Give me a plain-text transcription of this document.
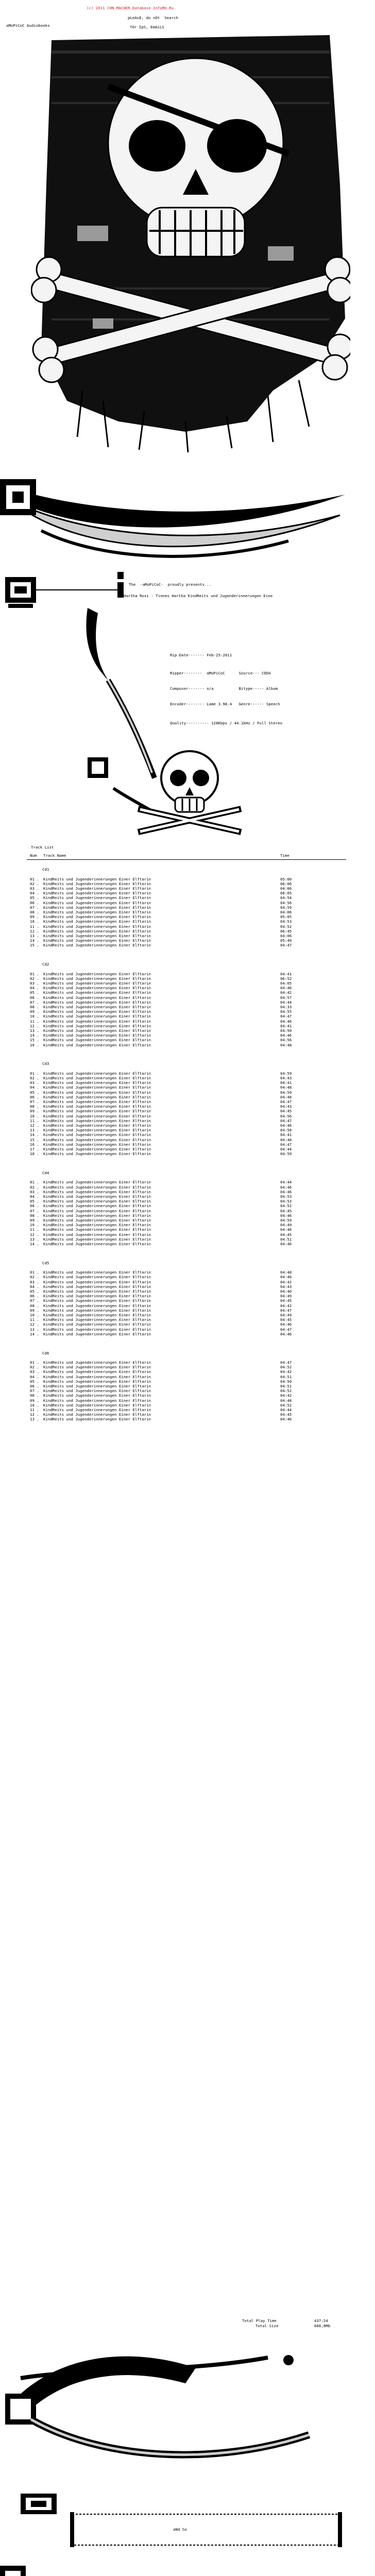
(c) 2011 CHN-MACHER Database InfoMe.Ru

pLeAsE, do nOt  Search

fOr IpS, EmAiLS

aMoPiCoC Audiobooks

The  -aMoPiCoC-  proudly presents...
Hartha Rosi - Tinnes Hartha KindReits und Jugenderinnerungen Eine

Rip-Date------- Feb-25-2011

Ripper--------  aMoPiCoC      Source--- CDDA

Composer------- n/a           Bitype----- Album

Encoder-------- Lame 3.98.4   Genre------ Speech

Quality---------- 128Kbps / 44.1kHz / Full Stereo

Track List
Num Track Name	Time
Cd1
01 . KindReits und Jugenderinnerungen Einer Elftarin	05:00
02 . KindReits und Jugenderinnerungen Einer Elftarin	06:06
03 . KindReits und Jugenderinnerungen Einer Elftarin	04:06
04 . KindReits und Jugenderinnerungen Einer Elftarin	06:05
05 . KindReits und Jugenderinnerungen Einer Elftarin	04:54
06 . KindReits und Jugenderinnerungen Einer Elftarin	04:56
07 . KindReits und Jugenderinnerungen Einer Elftarin	04:59
08 . KindReits und Jugenderinnerungen Einer Elftarin	04:06
09 . KindReits und Jugenderinnerungen Einer Elftarin	05:05
10 . KindReits und Jugenderinnerungen Einer Elftarin	04:53
11 . KindReits und Jugenderinnerungen Einer Elftarin	04:52
12 . KindReits und Jugenderinnerungen Einer Elftarin	06:45
13 . KindReits und Jugenderinnerungen Einer Elftarin	04:06
14 . KindReits und Jugenderinnerungen Einer Elftarin	05:49
15 . KindReits und Jugenderinnerungen Einer Elftarin	04:47
Cd2
01 . KindReits und Jugenderinnerungen Einer Elftarin	04:41
02 . KindReits und Jugenderinnerungen Einer Elftarin	06:52
03 . KindReits und Jugenderinnerungen Einer Elftarin	04:05
04 . KindReits und Jugenderinnerungen Einer Elftarin	04:46
05 . KindReits und Jugenderinnerungen Einer Elftarin	04:42
06 . KindReits und Jugenderinnerungen Einer Elftarin	04:57
07 . KindReits und Jugenderinnerungen Einer Elftarin	04:44
08 . KindReits und Jugenderinnerungen Einer Elftarin	04:33
09 . KindReits und Jugenderinnerungen Einer Elftarin	04:55
10 . KindReits und Jugenderinnerungen Einer Elftarin	04:47
11 . KindReits und Jugenderinnerungen Einer Elftarin	04:46
12 . KindReits und Jugenderinnerungen Einer Elftarin	04:41
13 . KindReits und Jugenderinnerungen Einer Elftarin	04:50
14 . KindReits und Jugenderinnerungen Einer Elftarin	04:46
15 . KindReits und Jugenderinnerungen Einer Elftarin	04:56
16 . KindReits und Jugenderinnerungen Einer Elftarin	04:48
Cd3
01 . KindReits und Jugenderinnerungen Einer Elftarin	04:59
02 . KindReits und Jugenderinnerungen Einer Elftarin	04:43
03 . KindReits und Jugenderinnerungen Einer Elftarin	04:41
04 . KindReits und Jugenderinnerungen Einer Elftarin	04:48
05 . KindReits und Jugenderinnerungen Einer Elftarin	04:59
06 . KindReits und Jugenderinnerungen Einer Elftarin	04:48
07 . KindReits und Jugenderinnerungen Einer Elftarin	04:47
08 . KindReits und Jugenderinnerungen Einer Elftarin	04:43
09 . KindReits und Jugenderinnerungen Einer Elftarin	04:45
10 . KindReits und Jugenderinnerungen Einer Elftarin	04:56
11 . KindReits und Jugenderinnerungen Einer Elftarin	04:47
12 . KindReits und Jugenderinnerungen Einer Elftarin	04:46
13 . KindReits und Jugenderinnerungen Einer Elftarin	04:58
14 . KindReits und Jugenderinnerungen Einer Elftarin	04:41
15 . KindReits und Jugenderinnerungen Einer Elftarin	04:48
16 . KindReits und Jugenderinnerungen Einer Elftarin	04:47
17 . KindReits und Jugenderinnerungen Einer Elftarin	04:44
18 . KindReits und Jugenderinnerungen Einer Elftarin	04:59
Cd4
01 . KindReits und Jugenderinnerungen Einer Elftarin	04:44
02 . KindReits und Jugenderinnerungen Einer Elftarin	04:46
03 . KindReits und Jugenderinnerungen Einer Elftarin	04:46
04 . KindReits und Jugenderinnerungen Einer Elftarin	04:53
05 . KindReits und Jugenderinnerungen Einer Elftarin	04:53
06 . KindReits und Jugenderinnerungen Einer Elftarin	04:52
07 . KindReits und Jugenderinnerungen Einer Elftarin	04:45
08 . KindReits und Jugenderinnerungen Einer Elftarin	04:46
09 . KindReits und Jugenderinnerungen Einer Elftarin	04:59
10 . KindReits und Jugenderinnerungen Einer Elftarin	04:49
11 . KindReits und Jugenderinnerungen Einer Elftarin	04:46
12 . KindReits und Jugenderinnerungen Einer Elftarin	04:45
13 . KindReits und Jugenderinnerungen Einer Elftarin	04:51
14 . KindReits und Jugenderinnerungen Einer Elftarin	04:46
Cd5
01 . KindReits und Jugenderinnerungen Einer Elftarin	04:48
02 . KindReits und Jugenderinnerungen Einer Elftarin	04:46
03 . KindReits und Jugenderinnerungen Einer Elftarin	04:42
04 . KindReits und Jugenderinnerungen Einer Elftarin	04:43
05 . KindReits und Jugenderinnerungen Einer Elftarin	04:40
06 . KindReits und Jugenderinnerungen Einer Elftarin	04:49
07 . KindReits und Jugenderinnerungen Einer Elftarin	04:45
08 . KindReits und Jugenderinnerungen Einer Elftarin	04:42
09 . KindReits und Jugenderinnerungen Einer Elftarin	04:47
10 . KindReits und Jugenderinnerungen Einer Elftarin	04:49
11 . KindReits und Jugenderinnerungen Einer Elftarin	04:45
12 . KindReits und Jugenderinnerungen Einer Elftarin	04:46
13 . KindReits und Jugenderinnerungen Einer Elftarin	04:47
14 . KindReits und Jugenderinnerungen Einer Elftarin	04:46
Cd6
01 . KindReits und Jugenderinnerungen Einer Elftarin	04:47
02 . KindReits und Jugenderinnerungen Einer Elftarin	04:52
03 . KindReits und Jugenderinnerungen Einer Elftarin	04:42
04 . KindReits und Jugenderinnerungen Einer Elftarin	04:51
05 . KindReits und Jugenderinnerungen Einer Elftarin	04:50
06 . KindReits und Jugenderinnerungen Einer Elftarin	04:51
07 . KindReits und Jugenderinnerungen Einer Elftarin	04:52
08 . KindReits und Jugenderinnerungen Einer Elftarin	04:42
09 . KindReits und Jugenderinnerungen Einer Elftarin	04:48
10 . KindReits und Jugenderinnerungen Einer Elftarin	04:52
11 . KindReits und Jugenderinnerungen Einer Elftarin	04:44
12 . KindReits und Jugenderinnerungen Einer Elftarin	04:45
13 . KindReits und Jugenderinnerungen Einer Elftarin	04:46
Total Play Time	437:24
Total Size	666,8Mb
aNd So
